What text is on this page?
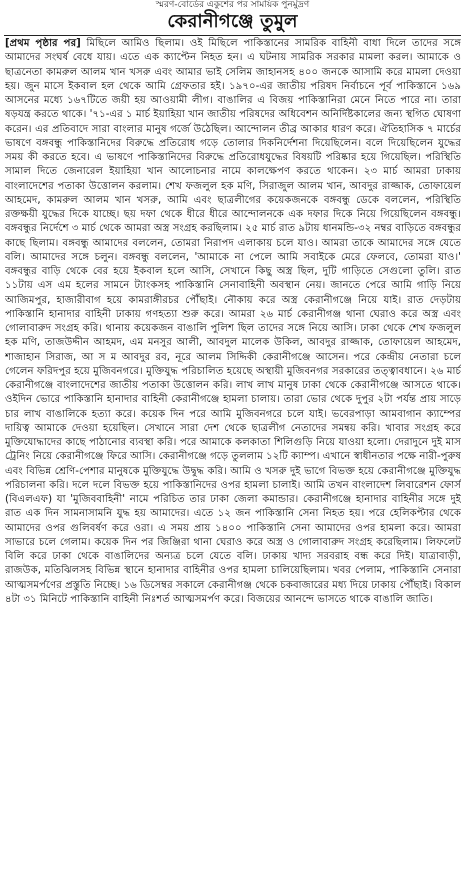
স্মরণ-বোর্ডের একুশের পর সাময়িক পুনর্মুদ্রণ
কেরানীগঞ্জে তুমুল

[প্রথম পৃষ্ঠার পর] মিছিলে আমিও ছিলাম। ওই মিছিলে পাকিস্তানের সামরিক বাহিনী বাধা দিলে তাদের সঙ্গে আমাদের সংঘর্ষ বেধে যায়। এতে এক ক্যাপ্টেন নিহত হন। এ ঘটনায় সামরিক সরকার মামলা করল। আমাকে ও ছাত্রনেতা কামরুল আলম খান খসরু এবং আমার ভাই সেলিম জাহানসহ ৪০০ জনকে আসামি করে মামলা দেওয়া হয়। জুন মাসে ইকবাল হল থেকে আমি গ্রেফতার হই। ১৯৭০-এর জাতীয় পরিষদ নির্বাচনে পূর্ব পাকিস্তানে ১৬৯ আসনের মধ্যে ১৬৭টিতে জয়ী হয় আওয়ামী লীগ। বাঙালির এ বিজয় পাকিস্তানিরা মেনে নিতে পারে না। তারা ষড়যন্ত্র করতে থাকে। '৭১-এর ১ মার্চ ইয়াহিয়া খান জাতীয় পরিষদের অধিবেশন অনির্দিষ্টকালের জন্য স্থগিত ঘোষণা করেন। এর প্রতিবাদে সারা বাংলার মানুষ গর্জে উঠেছিল। আন্দোলন তীব্র আকার ধারণ করে। ঐতিহাসিক ৭ মার্চের ভাষণে বঙ্গবন্ধু পাকিস্তানিদের বিরুদ্ধে প্রতিরোধ গড়ে তোলার দিকনির্দেশনা দিয়েছিলেন। বলে দিয়েছিলেন যুদ্ধের সময় কী করতে হবে। এ ভাষণে পাকিস্তানিদের বিরুদ্ধে প্রতিরোধযুদ্ধের বিষয়টি পরিষ্কার হয়ে গিয়েছিল। পরিস্থিতি সামাল দিতে জেনারেল ইয়াহিয়া খান আলোচনার নামে কালক্ষেপণ করতে থাকেন। ২৩ মার্চ আমরা ঢাকায় বাংলাদেশের পতাকা উত্তোলন করলাম। শেখ ফজলুল হক মণি, সিরাজুল আলম খান, আবদুর রাজ্জাক, তোফায়েল আহমেদ, কামরুল আলম খান খসরু, আমি এবং ছাত্রলীগের কয়েকজনকে বঙ্গবন্ধু ডেকে বললেন, পরিস্থিতি রক্তক্ষয়ী যুদ্ধের দিকে যাচ্ছে। ছয় দফা থেকে ধীরে ধীরে আন্দোলনকে এক দফার দিকে নিয়ে গিয়েছিলেন বঙ্গবন্ধু। বঙ্গবন্ধুর নির্দেশে ৩ মার্চ থেকে আমরা অস্ত্র সংগ্রহ করছিলাম। ২৫ মার্চ রাত ৯টায় ধানমন্ডি-৩২ নম্বর বাড়িতে বঙ্গবন্ধুর কাছে ছিলাম। বঙ্গবন্ধু আমাদের বললেন, তোমরা নিরাপদ এলাকায় চলে যাও। আমরা তাকে আমাদের সঙ্গে যেতে বলি। আমাদের সঙ্গে চলুন। বঙ্গবন্ধু বললেন, 'আমাকে না পেলে আমি সবাইকে মেরে ফেলবে, তোমরা যাও।' বঙ্গবন্ধুর বাড়ি থেকে বের হয়ে ইকবাল হলে আসি, সেখানে কিছু অস্ত্র ছিল, দুটি গাড়িতে সেগুলো তুলি। রাত ১১টায় এস এম হলের সামনে ট্যাংকসহ পাকিস্তানি সেনাবাহিনী অবস্থান নেয়। জানতে পেরে আমি গাড়ি নিয়ে আজিমপুর, হাজারীবাগ হয়ে কামরাঙ্গীরচর পৌঁছাই। নৌকায় করে অস্ত্র কেরানীগঞ্জে নিয়ে যাই। রাত দেড়টায় পাকিস্তানি হানাদার বাহিনী ঢাকায় গণহত্যা শুরু করে। আমরা ২৬ মার্চ কেরানীগঞ্জ থানা ঘেরাও করে অস্ত্র এবং গোলাবারুদ সংগ্রহ করি। থানায় কয়েকজন বাঙালি পুলিশ ছিল তাদের সঙ্গে নিয়ে আসি। ঢাকা থেকে শেখ ফজলুল হক মণি, তাজউদ্দীন আহমদ, এম মনসুর আলী, আবদুল মালেক উকিল, আবদুর রাজ্জাক, তোফায়েল আহমেদ, শাজাহান সিরাজ, আ স ম আবদুর রব, নূরে আলম সিদ্দিকী কেরানীগঞ্জে আসেন। পরে কেন্দ্রীয় নেতারা চলে গেলেন ফরিদপুর হয়ে মুজিবনগরে। মুক্তিযুদ্ধ পরিচালিত হয়েছে অস্থায়ী মুজিবনগর সরকারের তত্ত্বাবধানে। ২৬ মার্চ কেরানীগঞ্জে বাংলাদেশের জাতীয় পতাকা উত্তোলন করি। লাখ লাখ মানুষ ঢাকা থেকে কেরানীগঞ্জে আসতে থাকে। ওইদিন ভোরে পাকিস্তানি হানাদার বাহিনী কেরানীগঞ্জে হামলা চালায়। তারা ভোর থেকে দুপুর ২টা পর্যন্ত প্রায় সাড়ে চার লাখ বাঙালিকে হত্যা করে। কয়েক দিন পরে আমি মুজিবনগরে চলে যাই। ভবেরপাড়া আমবাগান ক্যাম্পের দায়িত্ব আমাকে দেওয়া হয়েছিল। সেখানে সারা দেশ থেকে ছাত্রলীগ নেতাদের সমন্বয় করি। খাবার সংগ্রহ করে মুক্তিযোদ্ধাদের কাছে পাঠানোর ব্যবস্থা করি। পরে আমাকে কলকাতা শিলিগুড়ি নিয়ে যাওয়া হলো। দেরাদুনে দুই মাস ট্রেনিং নিয়ে কেরানীগঞ্জে ফিরে আসি। কেরানীগঞ্জে গড়ে তুললাম ১২টি ক্যাম্প। এখানে স্বাধীনতার পক্ষে নারী-পুরুষ এবং বিভিন্ন শ্রেণি-পেশার মানুষকে মুক্তিযুদ্ধে উদ্বুদ্ধ করি। আমি ও খসরু দুই ভাগে বিভক্ত হয়ে কেরানীগঞ্জে মুক্তিযুদ্ধ পরিচালনা করি। দলে দলে বিভক্ত হয়ে পাকিস্তানিদের ওপর হামলা চালাই। আমি তখন বাংলাদেশ লিবারেশন ফোর্স (বিএলএফ) যা 'মুজিববাহিনী' নামে পরিচিত তার ঢাকা জেলা কমান্ডার। কেরানীগঞ্জে হানাদার বাহিনীর সঙ্গে দুই রাত এক দিন সামনাসামনি যুদ্ধ হয় আমাদের। এতে ১২ জন পাকিস্তানি সেনা নিহত হয়। পরে হেলিকপ্টার থেকে আমাদের ওপর গুলিবর্ষণ করে ওরা। এ সময় প্রায় ১৪০০ পাকিস্তানি সেনা আমাদের ওপর হামলা করে। আমরা সাভারে চলে গেলাম। কয়েক দিন পর জিঞ্জিরা থানা ঘেরাও করে অস্ত্র ও গোলাবারুদ সংগ্রহ করেছিলাম। লিফলেট বিলি করে ঢাকা থেকে বাঙালিদের অন্যত্র চলে যেতে বলি। ঢাকায় খাদ্য সরবরাহ বন্ধ করে দিই। যাত্রাবাড়ী, রাজউক, মতিঝিলসহ বিভিন্ন স্থানে হানাদার বাহিনীর ওপর হামলা চালিয়েছিলাম। খবর পেলাম, পাকিস্তানি সেনারা আত্মসমর্পণের প্রস্তুতি নিচ্ছে। ১৬ ডিসেম্বর সকালে কেরানীগঞ্জ থেকে চকবাজারের মধ্য দিয়ে ঢাকায় পৌঁছাই। বিকাল ৪টা ৩১ মিনিটে পাকিস্তানি বাহিনী নিঃশর্ত আত্মসমর্পণ করে। বিজয়ের আনন্দে ভাসতে থাকে বাঙালি জাতি।
